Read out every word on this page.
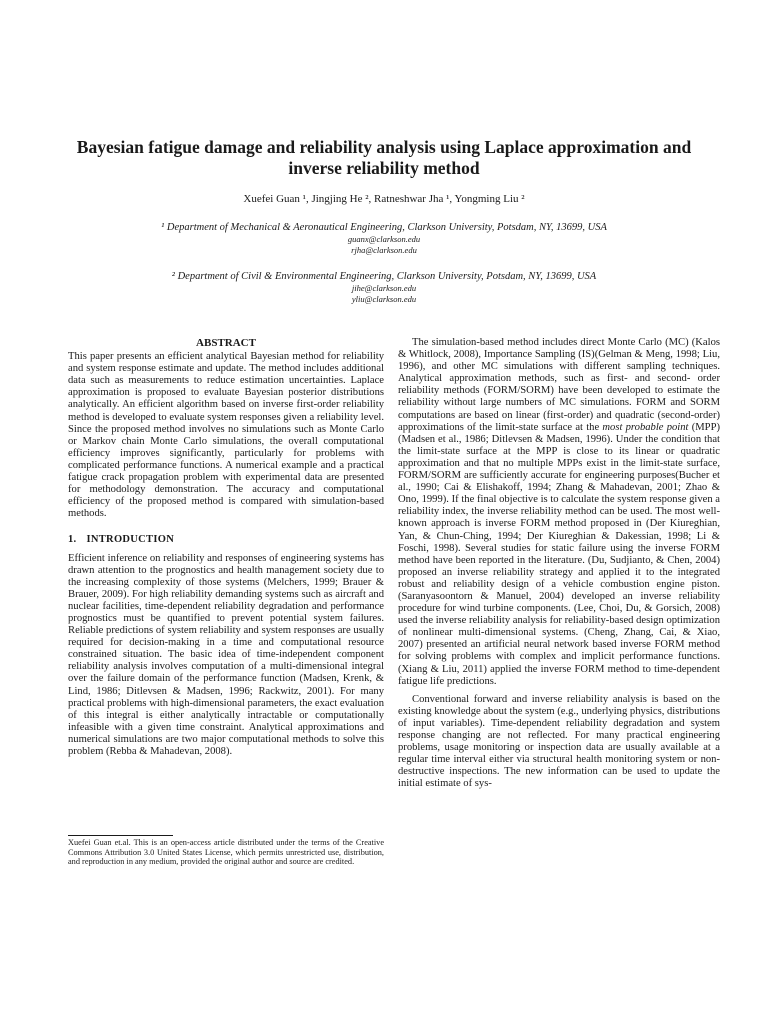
Bayesian fatigue damage and reliability analysis using Laplace approximation and inverse reliability method
Xuefei Guan ¹, Jingjing He ², Ratneshwar Jha ¹, Yongming Liu ²
¹ Department of Mechanical & Aeronautical Engineering, Clarkson University, Potsdam, NY, 13699, USA
guanx@clarkson.edu
rjha@clarkson.edu
² Department of Civil & Environmental Engineering, Clarkson University, Potsdam, NY, 13699, USA
jihe@clarkson.edu
yliu@clarkson.edu
ABSTRACT

This paper presents an efficient analytical Bayesian method for reliability and system response estimate and update. The method includes additional data such as measurements to reduce estimation uncertainties. Laplace approximation is proposed to evaluate Bayesian posterior distributions analytically. An efficient algorithm based on inverse first-order reliability method is developed to evaluate system responses given a reliability level. Since the proposed method involves no simulations such as Monte Carlo or Markov chain Monte Carlo simulations, the overall computational efficiency improves significantly, particularly for problems with complicated performance functions. A numerical example and a practical fatigue crack propagation problem with experimental data are presented for methodology demonstration. The accuracy and computational efficiency of the proposed method is compared with simulation-based methods.

1. INTRODUCTION

Efficient inference on reliability and responses of engineering systems has drawn attention to the prognostics and health management society due to the increasing complexity of those systems (Melchers, 1999; Brauer & Brauer, 2009). For high reliability demanding systems such as aircraft and nuclear facilities, time-dependent reliability degradation and performance prognostics must be quantified to prevent potential system failures. Reliable predictions of system reliability and system responses are usually required for decision-making in a time and computational resource constrained situation. The basic idea of time-independent component reliability analysis involves computation of a multi-dimensional integral over the failure domain of the performance function (Madsen, Krenk, & Lind, 1986; Ditlevsen & Madsen, 1996; Rackwitz, 2001). For many practical problems with high-dimensional parameters, the exact evaluation of this integral is either analytically intractable or computationally infeasible with a given time constraint. Analytical approximations and numerical simulations are two major computational methods to solve this problem (Rebba & Mahadevan, 2008).

Xuefei Guan et.al. This is an open-access article distributed under the terms of the Creative Commons Attribution 3.0 United States License, which permits unrestricted use, distribution, and reproduction in any medium, provided the original author and source are credited.

The simulation-based method includes direct Monte Carlo (MC) (Kalos & Whitlock, 2008), Importance Sampling (IS)(Gelman & Meng, 1998; Liu, 1996), and other MC simulations with different sampling techniques. Analytical approximation methods, such as first- and second- order reliability methods (FORM/SORM) have been developed to estimate the reliability without large numbers of MC simulations. FORM and SORM computations are based on linear (first-order) and quadratic (second-order) approximations of the limit-state surface at the most probable point (MPP)(Madsen et al., 1986; Ditlevsen & Madsen, 1996). Under the condition that the limit-state surface at the MPP is close to its linear or quadratic approximation and that no multiple MPPs exist in the limit-state surface, FORM/SORM are sufficiently accurate for engineering purposes(Bucher et al., 1990; Cai & Elishakoff, 1994; Zhang & Mahadevan, 2001; Zhao & Ono, 1999). If the final objective is to calculate the system response given a reliability index, the inverse reliability method can be used. The most well-known approach is inverse FORM method proposed in (Der Kiureghian, Yan, & Chun-Ching, 1994; Der Kiureghian & Dakessian, 1998; Li & Foschi, 1998). Several studies for static failure using the inverse FORM method have been reported in the literature. (Du, Sudjianto, & Chen, 2004) proposed an inverse reliability strategy and applied it to the integrated robust and reliability design of a vehicle combustion engine piston. (Saranyasoontorn & Manuel, 2004) developed an inverse reliability procedure for wind turbine components. (Lee, Choi, Du, & Gorsich, 2008) used the inverse reliability analysis for reliability-based design optimization of nonlinear multi-dimensional systems. (Cheng, Zhang, Cai, & Xiao, 2007) presented an artificial neural network based inverse FORM method for solving problems with complex and implicit performance functions. (Xiang & Liu, 2011) applied the inverse FORM method to time-dependent fatigue life predictions.

Conventional forward and inverse reliability analysis is based on the existing knowledge about the system (e.g., underlying physics, distributions of input variables). Time-dependent reliability degradation and system response changing are not reflected. For many practical engineering problems, usage monitoring or inspection data are usually available at a regular time interval either via structural health monitoring system or non-destructive inspections. The new information can be used to update the initial estimate of sys-
